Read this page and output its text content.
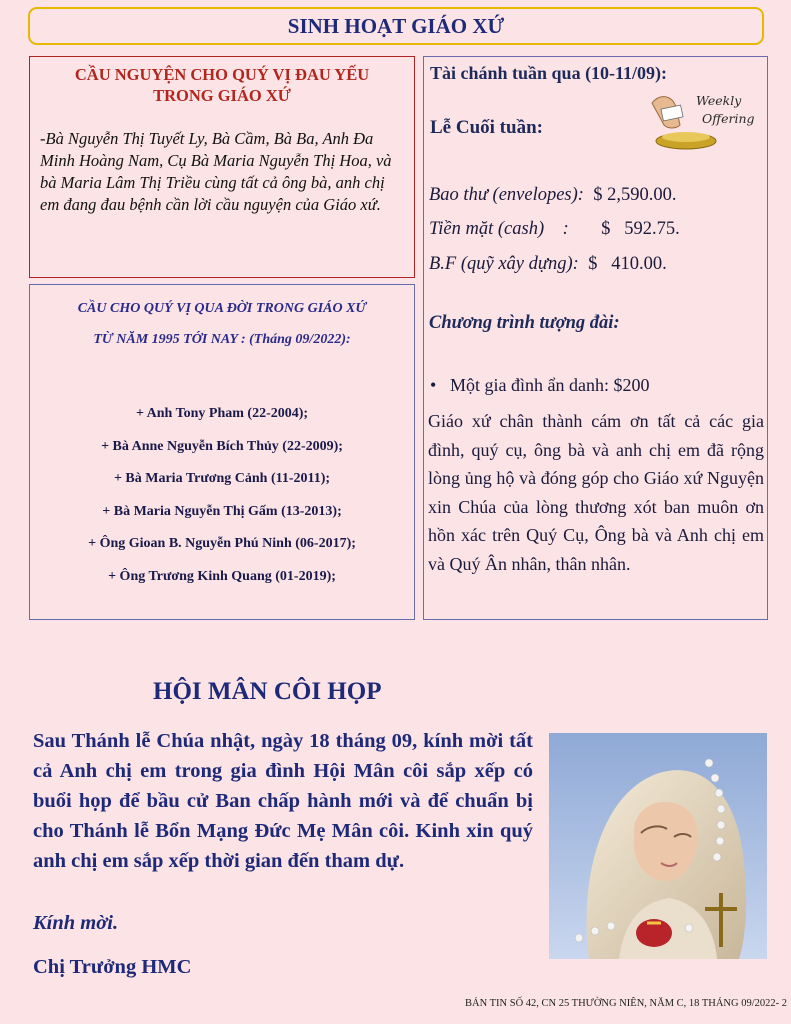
SINH HOẠT GIÁO XỨ
CẦU NGUYỆN CHO QUÝ VỊ ĐAU YẾU
TRONG GIÁO XỨ
-Bà Nguyễn Thị Tuyết Ly, Bà Cầm, Bà Ba, Anh Đa Minh Hoàng Nam, Cụ Bà Maria Nguyễn Thị Hoa, và bà Maria Lâm Thị Triều cùng tất cả ông bà, anh chị em đang đau bệnh cần lời cầu nguyện của Giáo xứ.
CẦU CHO QUÝ VỊ QUA ĐỜI TRONG GIÁO XỨ
TỪ NĂM 1995 TỚI NAY : (Tháng 09/2022):
+ Anh Tony Pham (22-2004);
+ Bà Anne Nguyễn Bích Thủy (22-2009);
+ Bà Maria Trương Cảnh (11-2011);
+ Bà Maria Nguyễn Thị Gấm (13-2013);
+ Ông Gioan B. Nguyễn Phú Ninh (06-2017);
+ Ông Trương Kinh Quang (01-2019);
Tài chánh tuần qua (10-11/09):
Lễ Cuối tuần:
Weekly
Offering
Bao thư (envelopes): $ 2,590.00.
Tiền mặt (cash)    : $   592.75.
B.F (quỹ xây dựng): $   410.00.
Chương trình tượng đài:
• Một gia đình ẩn danh: $200
Giáo xứ chân thành cám ơn tất cả các gia đình, quý cụ, ông bà và anh chị em đã rộng lòng ủng hộ và đóng góp cho Giáo xứ Nguyện xin Chúa của lòng thương xót ban muôn ơn hồn xác trên Quý Cụ, Ông bà và Anh chị em và Quý Ân nhân, thân nhân.
HỘI MÂN CÔI HỌP
Sau Thánh lễ Chúa nhật, ngày 18 tháng 09, kính mời tất cả Anh chị em trong gia đình Hội Mân côi sắp xếp có buổi họp để bầu cử Ban chấp hành mới và để chuẩn bị cho Thánh lễ Bổn Mạng Đức Mẹ Mân côi. Kinh xin quý anh chị em sắp xếp thời gian đến tham dự.
Kính mời.
Chị Trưởng HMC
BẢN TIN SỐ 42, CN 25 THƯỜNG NIÊN, NĂM C, 18 THÁNG 09/2022- 2
